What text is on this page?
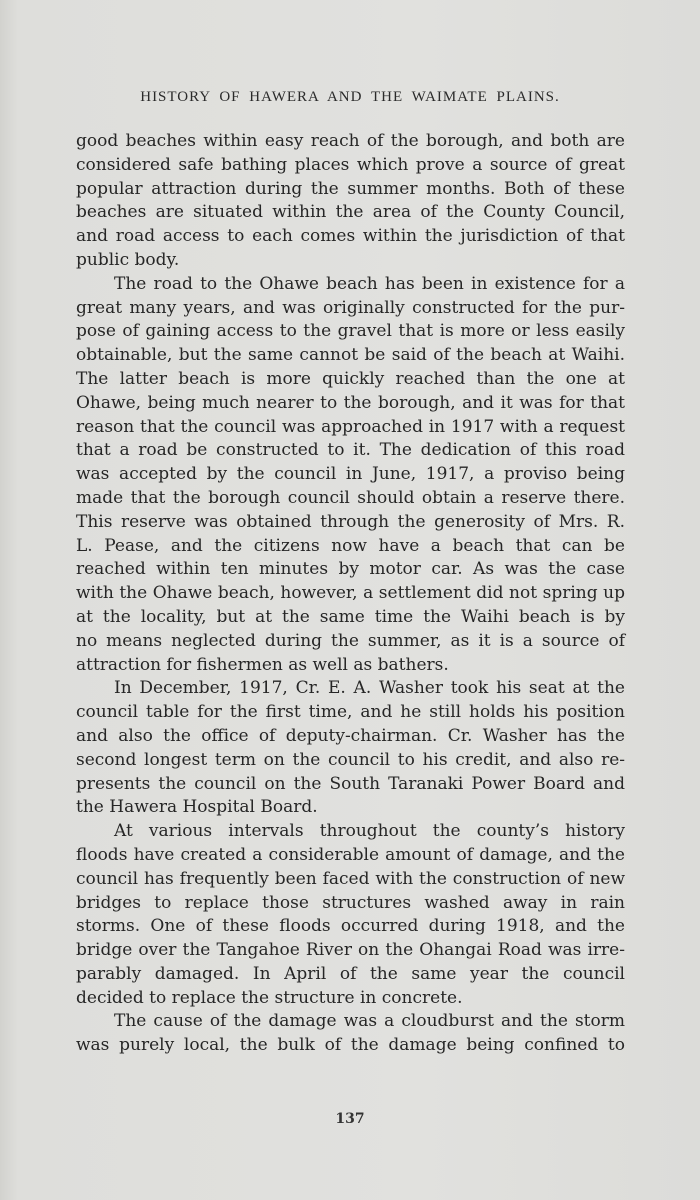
HISTORY OF HAWERA AND THE WAIMATE PLAINS.
good beaches within easy reach of the borough, and both are
considered safe bathing places which prove a source of great
popular attraction during the summer months. Both of these
beaches are situated within the area of the County Council,
and road access to each comes within the jurisdiction of that
public body.
The road to the Ohawe beach has been in existence for a
great many years, and was originally constructed for the pur-
pose of gaining access to the gravel that is more or less easily
obtainable, but the same cannot be said of the beach at Waihi.
The latter beach is more quickly reached than the one at
Ohawe, being much nearer to the borough, and it was for that
reason that the council was approached in 1917 with a request
that a road be constructed to it. The dedication of this road
was accepted by the council in June, 1917, a proviso being
made that the borough council should obtain a reserve there.
This reserve was obtained through the generosity of Mrs. R.
L. Pease, and the citizens now have a beach that can be
reached within ten minutes by motor car. As was the case
with the Ohawe beach, however, a settlement did not spring up
at the locality, but at the same time the Waihi beach is by
no means neglected during the summer, as it is a source of
attraction for fishermen as well as bathers.
In December, 1917, Cr. E. A. Washer took his seat at the
council table for the first time, and he still holds his position
and also the office of deputy-chairman. Cr. Washer has the
second longest term on the council to his credit, and also re-
presents the council on the South Taranaki Power Board and
the Hawera Hospital Board.
At various intervals throughout the county’s history
floods have created a considerable amount of damage, and the
council has frequently been faced with the construction of new
bridges to replace those structures washed away in rain
storms. One of these floods occurred during 1918, and the
bridge over the Tangahoe River on the Ohangai Road was irre-
parably damaged. In April of the same year the council
decided to replace the structure in concrete.
The cause of the damage was a cloudburst and the storm
was purely local, the bulk of the damage being confined to
137
